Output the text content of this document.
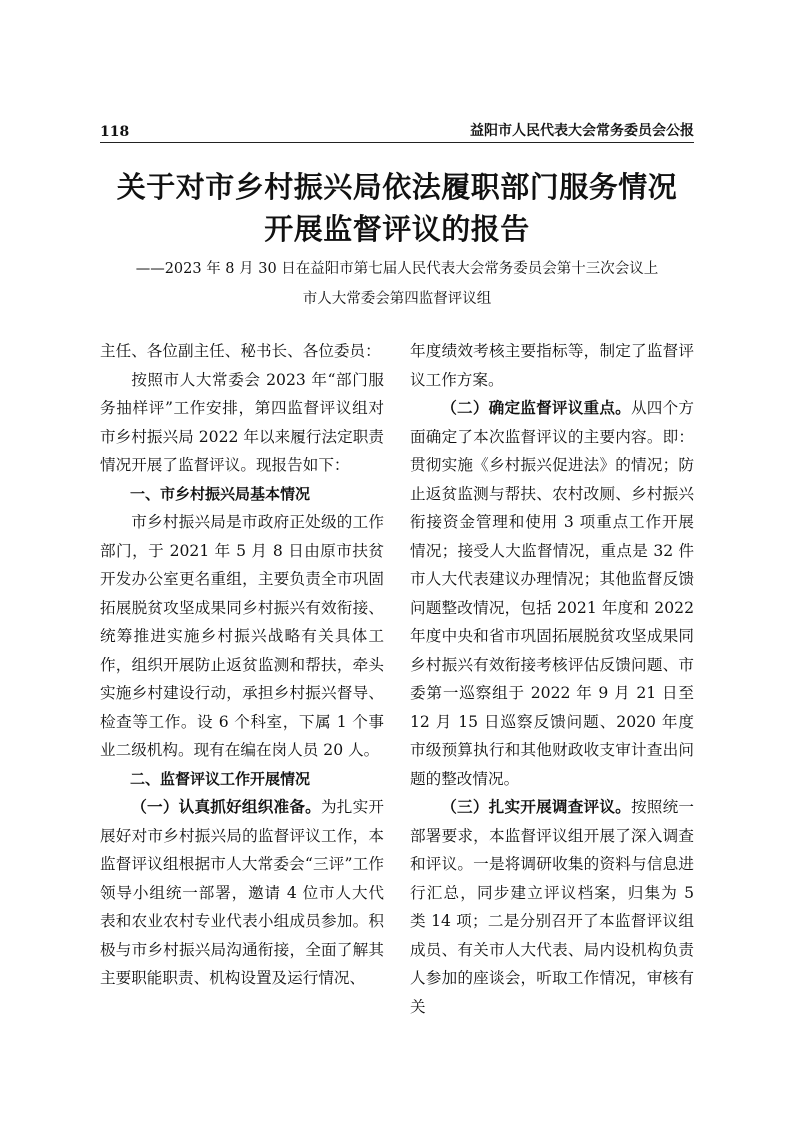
118	益阳市人民代表大会常务委员会公报
关于对市乡村振兴局依法履职部门服务情况
开展监督评议的报告
——2023 年 8 月 30 日在益阳市第七届人民代表大会常务委员会第十三次会议上
市人大常委会第四监督评议组

主任、各位副主任、秘书长、各位委员：

按照市人大常委会 2023 年“部门服务抽样评”工作安排，第四监督评议组对市乡村振兴局 2022 年以来履行法定职责情况开展了监督评议。现报告如下：

一、市乡村振兴局基本情况

市乡村振兴局是市政府正处级的工作部门，于 2021 年 5 月 8 日由原市扶贫开发办公室更名重组，主要负责全市巩固拓展脱贫攻坚成果同乡村振兴有效衔接、统筹推进实施乡村振兴战略有关具体工作，组织开展防止返贫监测和帮扶，牵头实施乡村建设行动，承担乡村振兴督导、检查等工作。设 6 个科室，下属 1 个事业二级机构。现有在编在岗人员 20 人。

二、监督评议工作开展情况

（一）认真抓好组织准备。为扎实开展好对市乡村振兴局的监督评议工作，本监督评议组根据市人大常委会“三评”工作领导小组统一部署，邀请 4 位市人大代表和农业农村专业代表小组成员参加。积极与市乡村振兴局沟通衔接，全面了解其主要职能职责、机构设置及运行情况、

年度绩效考核主要指标等，制定了监督评议工作方案。

（二）确定监督评议重点。从四个方面确定了本次监督评议的主要内容。即：贯彻实施《乡村振兴促进法》的情况；防止返贫监测与帮扶、农村改厕、乡村振兴衔接资金管理和使用 3 项重点工作开展情况；接受人大监督情况，重点是 32 件市人大代表建议办理情况；其他监督反馈问题整改情况，包括 2021 年度和 2022 年度中央和省市巩固拓展脱贫攻坚成果同乡村振兴有效衔接考核评估反馈问题、市委第一巡察组于 2022 年 9 月 21 日至 12 月 15 日巡察反馈问题、2020 年度市级预算执行和其他财政收支审计查出问题的整改情况。

（三）扎实开展调查评议。按照统一部署要求，本监督评议组开展了深入调查和评议。一是将调研收集的资料与信息进行汇总，同步建立评议档案，归集为 5 类 14 项；二是分别召开了本监督评议组成员、有关市人大代表、局内设机构负责人参加的座谈会，听取工作情况，审核有关
